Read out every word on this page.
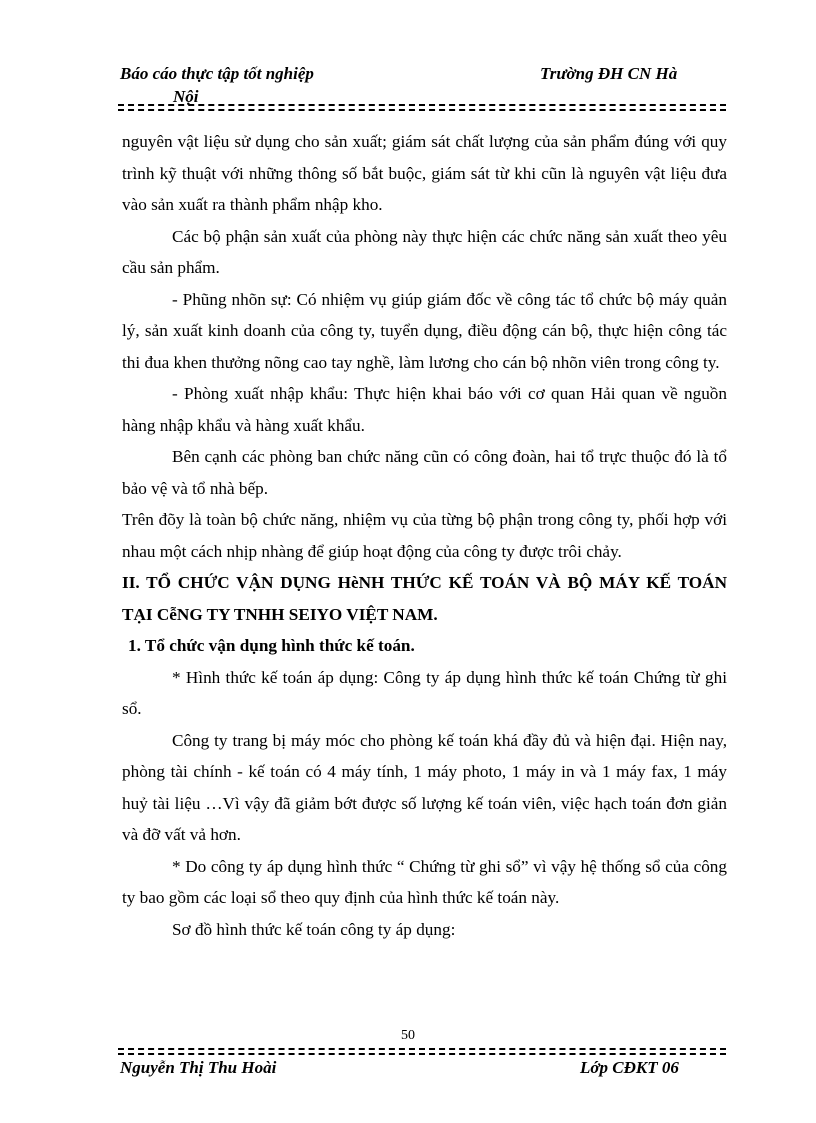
Báo cáo thực tập tốt nghiệp
Nội
Trường ĐH CN Hà

nguyên vật liệu sử dụng cho sản xuất; giám sát chất lượng của sản phẩm đúng với quy trình kỹ thuật với những thông số bắt buộc, giám sát từ khi cũn là nguyên vật liệu đưa vào sản xuất ra thành phẩm nhập kho.

Các bộ phận sản xuất của phòng này thực hiện các chức năng sản xuất theo yêu cầu sản phẩm.

- Phũng nhõn sự: Có nhiệm vụ giúp giám đốc về công tác tổ chức bộ máy quản lý, sản xuất kinh doanh của công ty, tuyển dụng, điều động cán bộ, thực hiện công tác thi đua khen thưởng nõng cao tay nghề, làm lương cho cán bộ nhõn viên trong công ty.

- Phòng xuất nhập khẩu: Thực hiện khai báo với cơ quan Hải quan về nguồn hàng nhập khẩu và hàng xuất khẩu.

Bên cạnh các phòng ban chức năng cũn có công đoàn, hai tổ trực thuộc đó là tổ bảo vệ và tổ nhà bếp.

Trên đõy là toàn bộ chức năng, nhiệm vụ của từng bộ phận trong công ty, phối hợp với nhau một cách nhịp nhàng để giúp hoạt động của công ty được trôi chảy.

II. TỔ CHỨC VẬN DỤNG HèNH THỨC KẾ TOÁN VÀ BỘ MÁY KẾ TOÁN TẠI CễNG TY TNHH SEIYO VIỆT NAM.

1. Tổ chức vận dụng hình thức kế toán.

* Hình thức kế toán áp dụng: Công ty áp dụng hình thức kế toán Chứng từ ghi sổ.

Công ty trang bị máy móc cho phòng kế toán khá đầy đủ và hiện đại. Hiện nay, phòng tài chính - kế toán có 4 máy tính, 1 máy photo, 1 máy in và 1 máy fax, 1 máy huỷ tài liệu …Vì vậy đã giảm bớt được số lượng kế toán viên, việc hạch toán đơn giản và đỡ vất vả hơn.

* Do công ty áp dụng hình thức “ Chứng từ ghi sổ” vì vậy hệ thống sổ của công ty bao gồm các loại sổ theo quy định của hình thức kế toán này.

Sơ đồ hình thức kế toán công ty áp dụng:

50
Nguyễn Thị Thu Hoài	Lớp CĐKT 06
